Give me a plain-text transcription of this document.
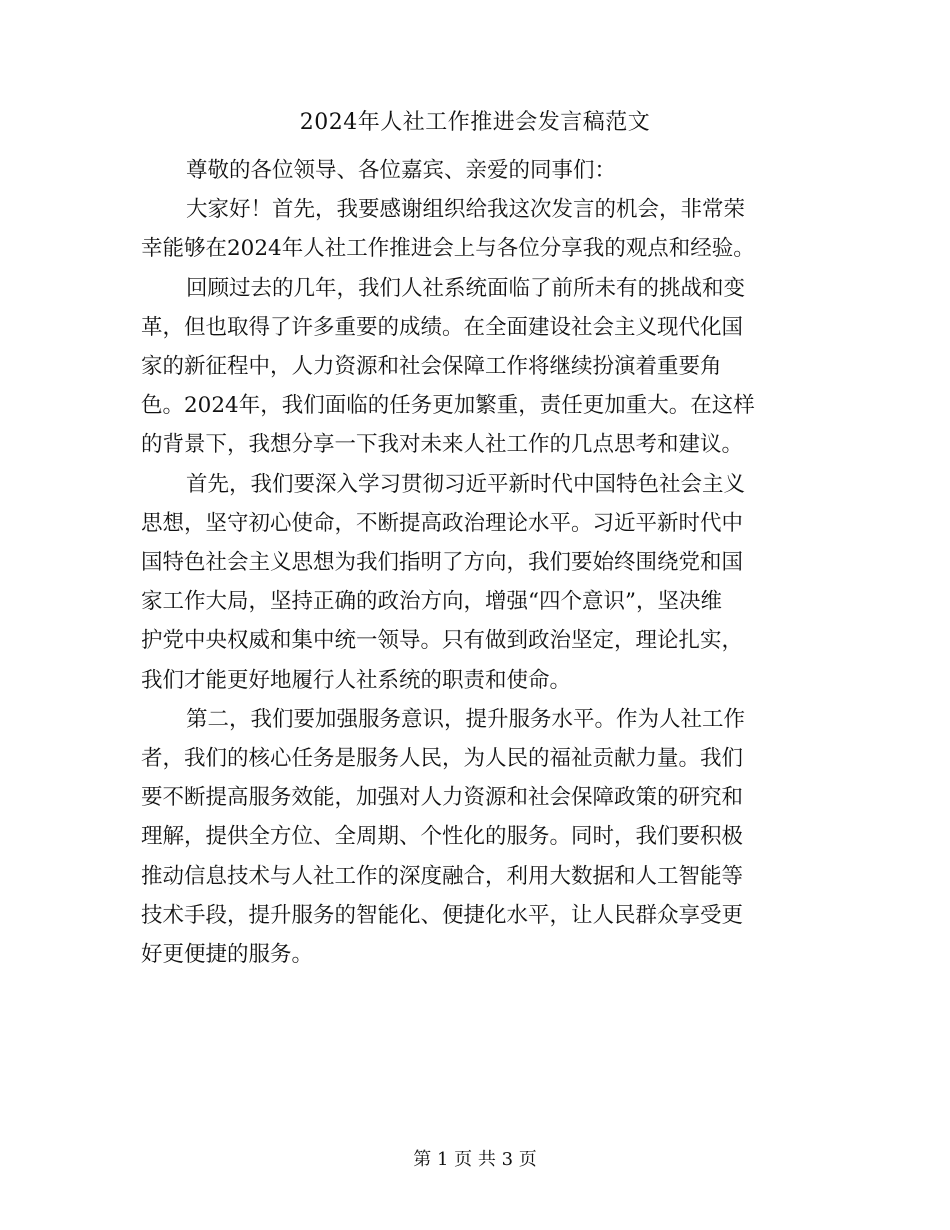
2024年人社工作推进会发言稿范文

尊敬的各位领导、各位嘉宾、亲爱的同事们：

大家好！首先，我要感谢组织给我这次发言的机会，非常荣
幸能够在2024年人社工作推进会上与各位分享我的观点和经验。

回顾过去的几年，我们人社系统面临了前所未有的挑战和变
革，但也取得了许多重要的成绩。在全面建设社会主义现代化国
家的新征程中，人力资源和社会保障工作将继续扮演着重要角
色。2024年，我们面临的任务更加繁重，责任更加重大。在这样
的背景下，我想分享一下我对未来人社工作的几点思考和建议。

首先，我们要深入学习贯彻习近平新时代中国特色社会主义
思想，坚守初心使命，不断提高政治理论水平。习近平新时代中
国特色社会主义思想为我们指明了方向，我们要始终围绕党和国
家工作大局，坚持正确的政治方向，增强“四个意识”，坚决维
护党中央权威和集中统一领导。只有做到政治坚定，理论扎实，
我们才能更好地履行人社系统的职责和使命。

第二，我们要加强服务意识，提升服务水平。作为人社工作
者，我们的核心任务是服务人民，为人民的福祉贡献力量。我们
要不断提高服务效能，加强对人力资源和社会保障政策的研究和
理解，提供全方位、全周期、个性化的服务。同时，我们要积极
推动信息技术与人社工作的深度融合，利用大数据和人工智能等
技术手段，提升服务的智能化、便捷化水平，让人民群众享受更
好更便捷的服务。

第 1 页 共 3 页
